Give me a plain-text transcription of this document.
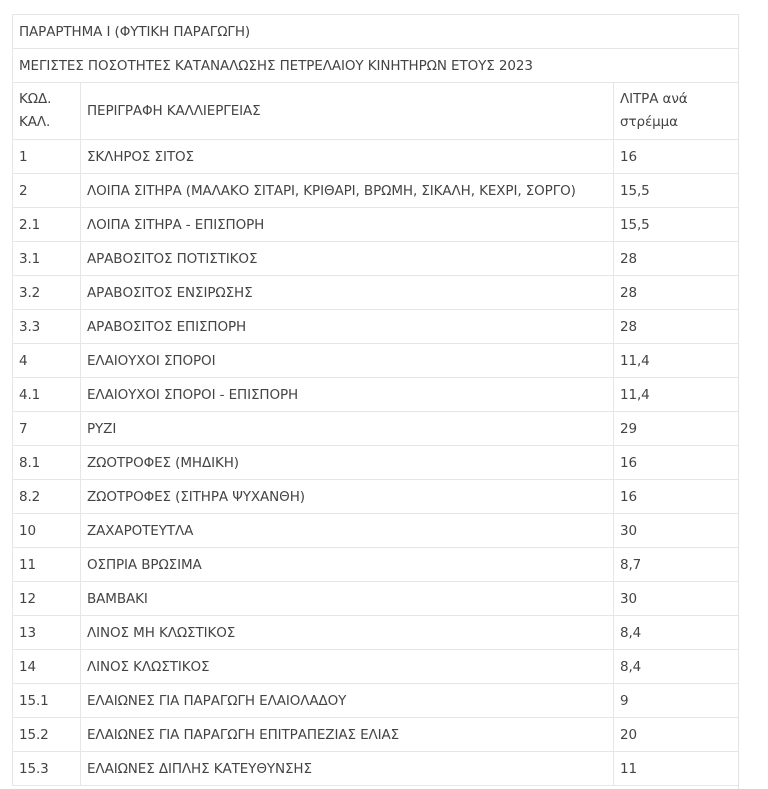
ΠΑΡΑΡΤΗΜΑ Ι (ΦΥΤΙΚΗ ΠΑΡΑΓΩΓΗ)		
ΜΕΓΙΣΤΕΣ ΠΟΣΟΤΗΤΕΣ ΚΑΤΑΝΑΛΩΣΗΣ ΠΕΤΡΕΛΑΙΟΥ ΚΙΝΗΤΗΡΩΝ ΕΤΟΥΣ 2023		
ΚΩΔ. ΚΑΛ.	ΠΕΡΙΓΡΑΦΗ ΚΑΛΛΙΕΡΓΕΙΑΣ	ΛΙΤΡΑ ανά στρέμμα
1	ΣΚΛΗΡΟΣ ΣΙΤΟΣ	16
2	ΛΟΙΠΑ ΣΙΤΗΡΑ (ΜΑΛΑΚΟ ΣΙΤΑΡΙ, ΚΡΙΘΑΡΙ, ΒΡΩΜΗ, ΣΙΚΑΛΗ, ΚΕΧΡΙ, ΣΟΡΓΟ)	15,5
2.1	ΛΟΙΠΑ ΣΙΤΗΡΑ - ΕΠΙΣΠΟΡΗ	15,5
3.1	ΑΡΑΒΟΣΙΤΟΣ ΠΟΤΙΣΤΙΚΟΣ	28
3.2	ΑΡΑΒΟΣΙΤΟΣ ΕΝΣΙΡΩΣΗΣ	28
3.3	ΑΡΑΒΟΣΙΤΟΣ ΕΠΙΣΠΟΡΗ	28
4	ΕΛΑΙΟΥΧΟΙ ΣΠΟΡΟΙ	11,4
4.1	ΕΛΑΙΟΥΧΟΙ ΣΠΟΡΟΙ - ΕΠΙΣΠΟΡΗ	11,4
7	ΡΥΖΙ	29
8.1	ΖΩΟΤΡΟΦΕΣ (ΜΗΔΙΚΗ)	16
8.2	ΖΩΟΤΡΟΦΕΣ (ΣΙΤΗΡΑ ΨΥΧΑΝΘΗ)	16
10	ΖΑΧΑΡΟΤΕΥΤΛΑ	30
11	ΟΣΠΡΙΑ ΒΡΩΣΙΜΑ	8,7
12	ΒΑΜΒΑΚΙ	30
13	ΛΙΝΟΣ ΜΗ ΚΛΩΣΤΙΚΟΣ	8,4
14	ΛΙΝΟΣ ΚΛΩΣΤΙΚΟΣ	8,4
15.1	ΕΛΑΙΩΝΕΣ ΓΙΑ ΠΑΡΑΓΩΓΗ ΕΛΑΙΟΛΑΔΟΥ	9
15.2	ΕΛΑΙΩΝΕΣ ΓΙΑ ΠΑΡΑΓΩΓΗ ΕΠΙΤΡΑΠΕΖΙΑΣ ΕΛΙΑΣ	20
15.3	ΕΛΑΙΩΝΕΣ ΔΙΠΛΗΣ ΚΑΤΕΥΘΥΝΣΗΣ	11
